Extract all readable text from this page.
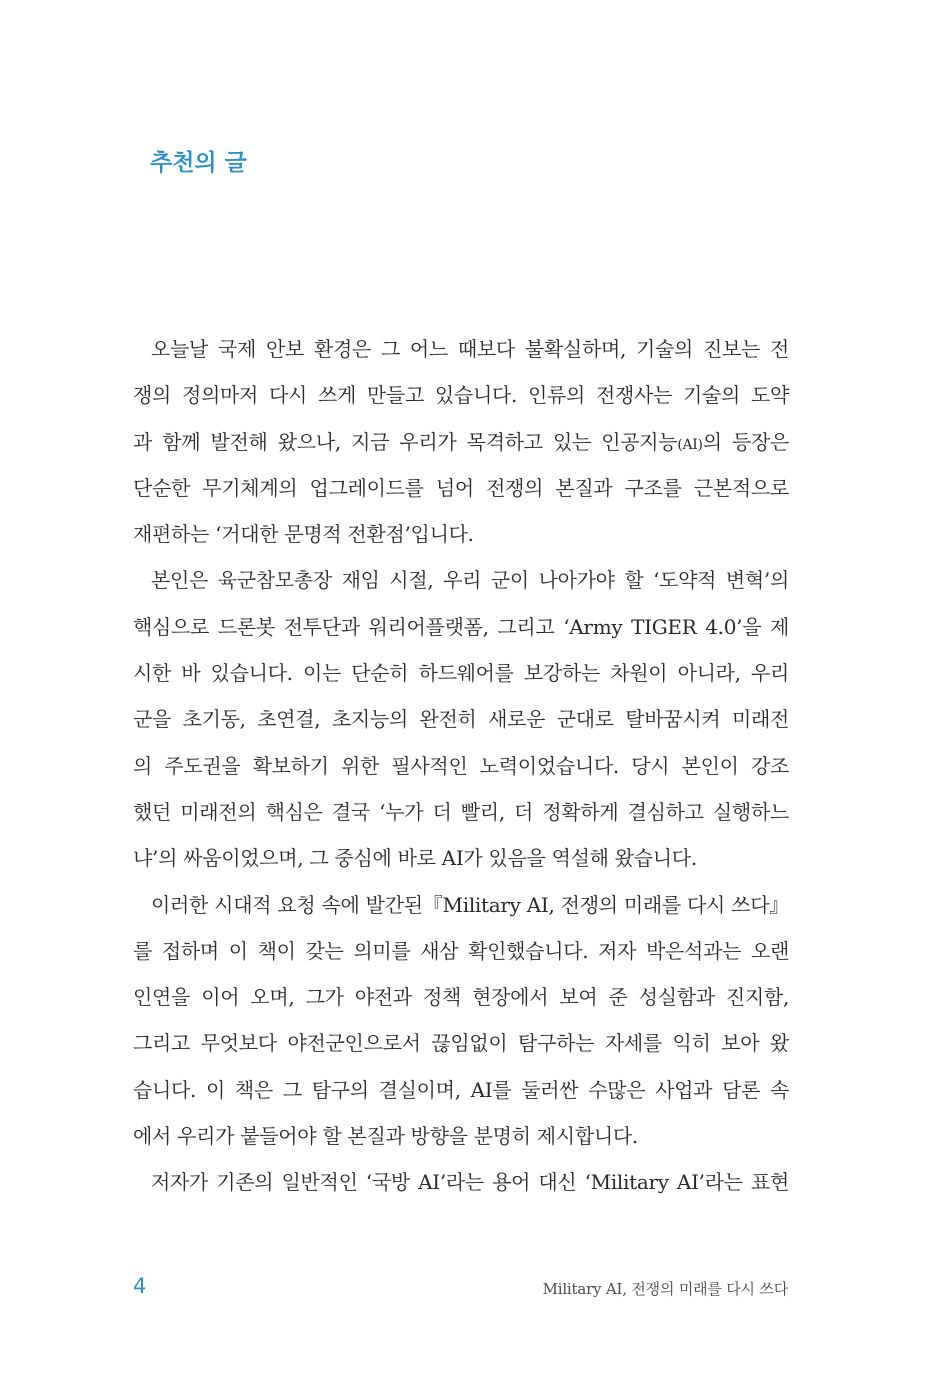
추천의 글
오늘날 국제 안보 환경은 그 어느 때보다 불확실하며, 기술의 진보는 전
쟁의 정의마저 다시 쓰게 만들고 있습니다. 인류의 전쟁사는 기술의 도약
과 함께 발전해 왔으나, 지금 우리가 목격하고 있는 인공지능(AI)의 등장은
단순한 무기체계의 업그레이드를 넘어 전쟁의 본질과 구조를 근본적으로
재편하는 ‘거대한 문명적 전환점’입니다.
본인은 육군참모총장 재임 시절, 우리 군이 나아가야 할 ‘도약적 변혁’의
핵심으로 드론봇 전투단과 워리어플랫폼, 그리고 ‘Army TIGER 4.0’을 제
시한 바 있습니다. 이는 단순히 하드웨어를 보강하는 차원이 아니라, 우리
군을 초기동, 초연결, 초지능의 완전히 새로운 군대로 탈바꿈시켜 미래전
의 주도권을 확보하기 위한 필사적인 노력이었습니다. 당시 본인이 강조
했던 미래전의 핵심은 결국 ‘누가 더 빨리, 더 정확하게 결심하고 실행하느
냐’의 싸움이었으며, 그 중심에 바로 AI가 있음을 역설해 왔습니다.
이러한 시대적 요청 속에 발간된『Military AI, 전쟁의 미래를 다시 쓰다』
를 접하며 이 책이 갖는 의미를 새삼 확인했습니다. 저자 박은석과는 오랜
인연을 이어 오며, 그가 야전과 정책 현장에서 보여 준 성실함과 진지함,
그리고 무엇보다 야전군인으로서 끊임없이 탐구하는 자세를 익히 보아 왔
습니다. 이 책은 그 탐구의 결실이며, AI를 둘러싼 수많은 사업과 담론 속
에서 우리가 붙들어야 할 본질과 방향을 분명히 제시합니다.
저자가 기존의 일반적인 ‘국방 AI’라는 용어 대신 ‘Military AI’라는 표현
4	Military AI, 전쟁의 미래를 다시 쓰다
